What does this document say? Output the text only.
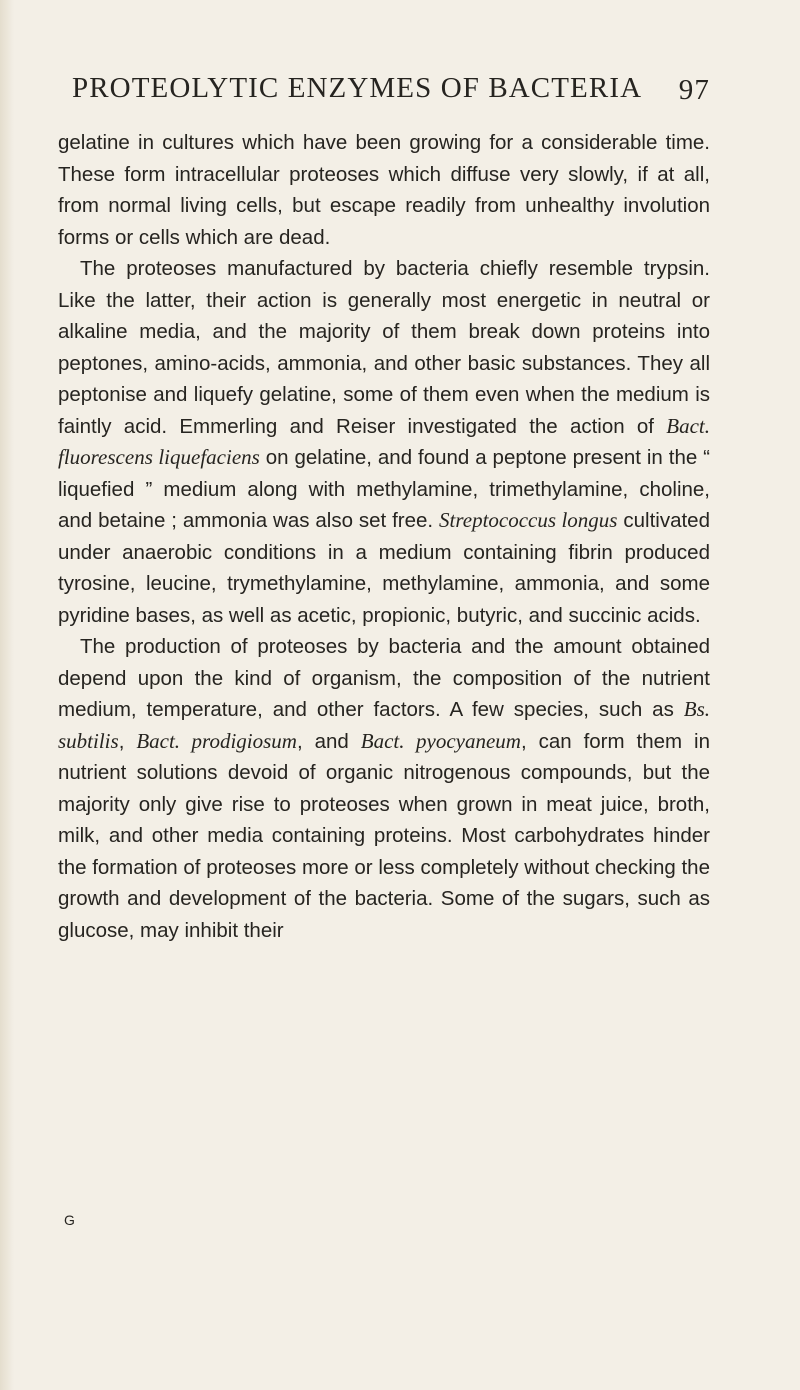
PROTEOLYTIC ENZYMES OF BACTERIA 97

gelatine in cultures which have been growing for a considerable time. These form intracellular proteoses which diffuse very slowly, if at all, from normal living cells, but escape readily from unhealthy involution forms or cells which are dead.

The proteoses manufactured by bacteria chiefly resemble trypsin. Like the latter, their action is generally most energetic in neutral or alkaline media, and the majority of them break down proteins into peptones, amino-acids, ammonia, and other basic substances. They all peptonise and liquefy gelatine, some of them even when the medium is faintly acid. Emmerling and Reiser investigated the action of Bact. fluorescens liquefaciens on gelatine, and found a peptone present in the “ liquefied ” medium along with methylamine, trimethylamine, choline, and betaine ; ammonia was also set free. Streptococcus longus cultivated under anaerobic conditions in a medium containing fibrin produced tyrosine, leucine, trymethylamine, methylamine, ammonia, and some pyridine bases, as well as acetic, propionic, butyric, and succinic acids.

The production of proteoses by bacteria and the amount obtained depend upon the kind of organism, the composition of the nutrient medium, temperature, and other factors. A few species, such as Bs. subtilis, Bact. prodigiosum, and Bact. pyocyaneum, can form them in nutrient solutions devoid of organic nitrogenous compounds, but the majority only give rise to proteoses when grown in meat juice, broth, milk, and other media containing proteins. Most carbohydrates hinder the formation of proteoses more or less completely without checking the growth and development of the bacteria. Some of the sugars, such as glucose, may inhibit their

G
